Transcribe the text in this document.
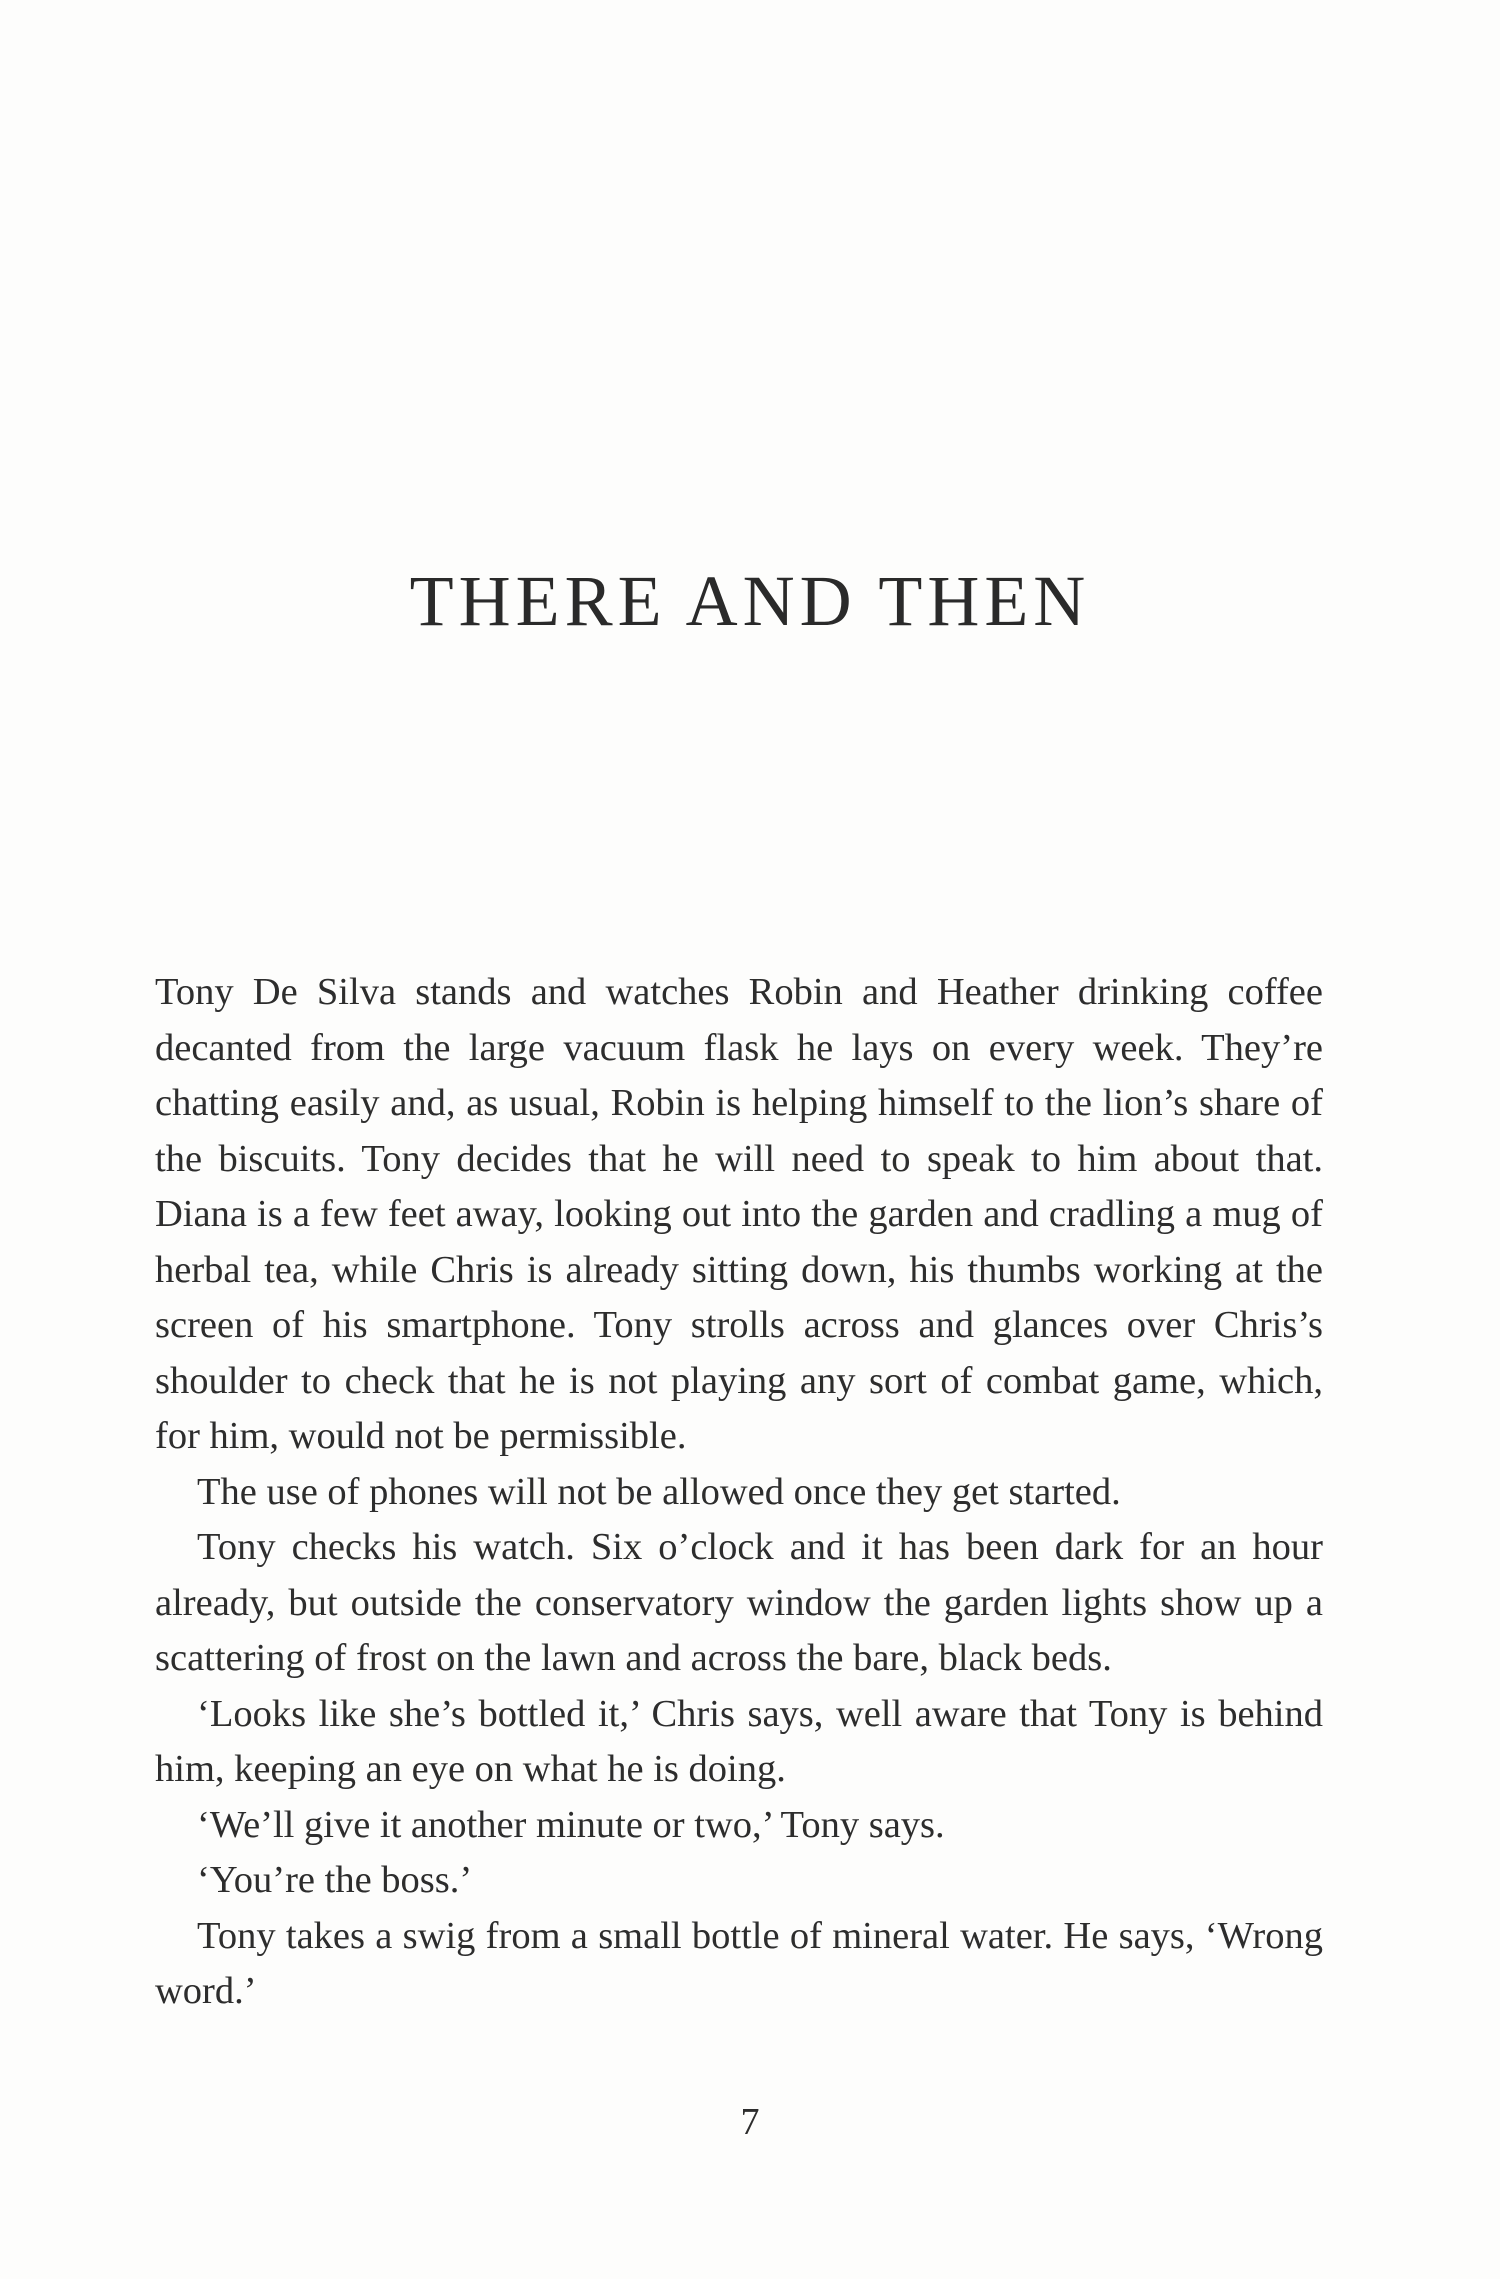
THERE AND THEN

Tony De Silva stands and watches Robin and Heather drinking coffee decanted from the large vacuum flask he lays on every week. They’re chatting easily and, as usual, Robin is helping himself to the lion’s share of the biscuits. Tony decides that he will need to speak to him about that. Diana is a few feet away, looking out into the garden and cradling a mug of herbal tea, while Chris is already sitting down, his thumbs working at the screen of his smartphone. Tony strolls across and glances over Chris’s shoulder to check that he is not playing any sort of combat game, which, for him, would not be permissible.

The use of phones will not be allowed once they get started.

Tony checks his watch. Six o’clock and it has been dark for an hour already, but outside the conservatory window the garden lights show up a scattering of frost on the lawn and across the bare, black beds.

‘Looks like she’s bottled it,’ Chris says, well aware that Tony is behind him, keeping an eye on what he is doing.

‘We’ll give it another minute or two,’ Tony says.

‘You’re the boss.’

Tony takes a swig from a small bottle of mineral water. He says, ‘Wrong word.’

7
